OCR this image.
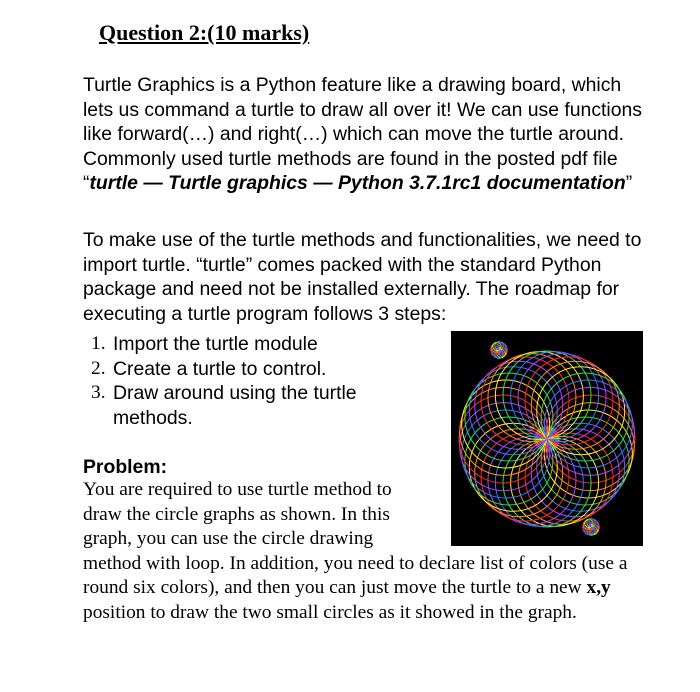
Question 2:(10 marks)
Turtle Graphics is a Python feature like a drawing board, which lets us command a turtle to draw all over it! We can use functions like forward(…) and right(…) which can move the turtle around. Commonly used turtle methods are found in the posted pdf file “turtle — Turtle graphics — Python 3.7.1rc1 documentation”
To make use of the turtle methods and functionalities, we need to import turtle. “turtle” comes packed with the standard Python package and need not be installed externally. The roadmap for executing a turtle program follows 3 steps:
1. Import the turtle module
2. Create a turtle to control.
3. Draw around using the turtle methods.
Problem:
You are required to use turtle method to draw the circle graphs as shown. In this graph, you can use the circle drawing method with loop. In addition, you need to declare list of colors (use a round six colors), and then you can just move the turtle to a new x,y position to draw the two small circles as it showed in the graph.
